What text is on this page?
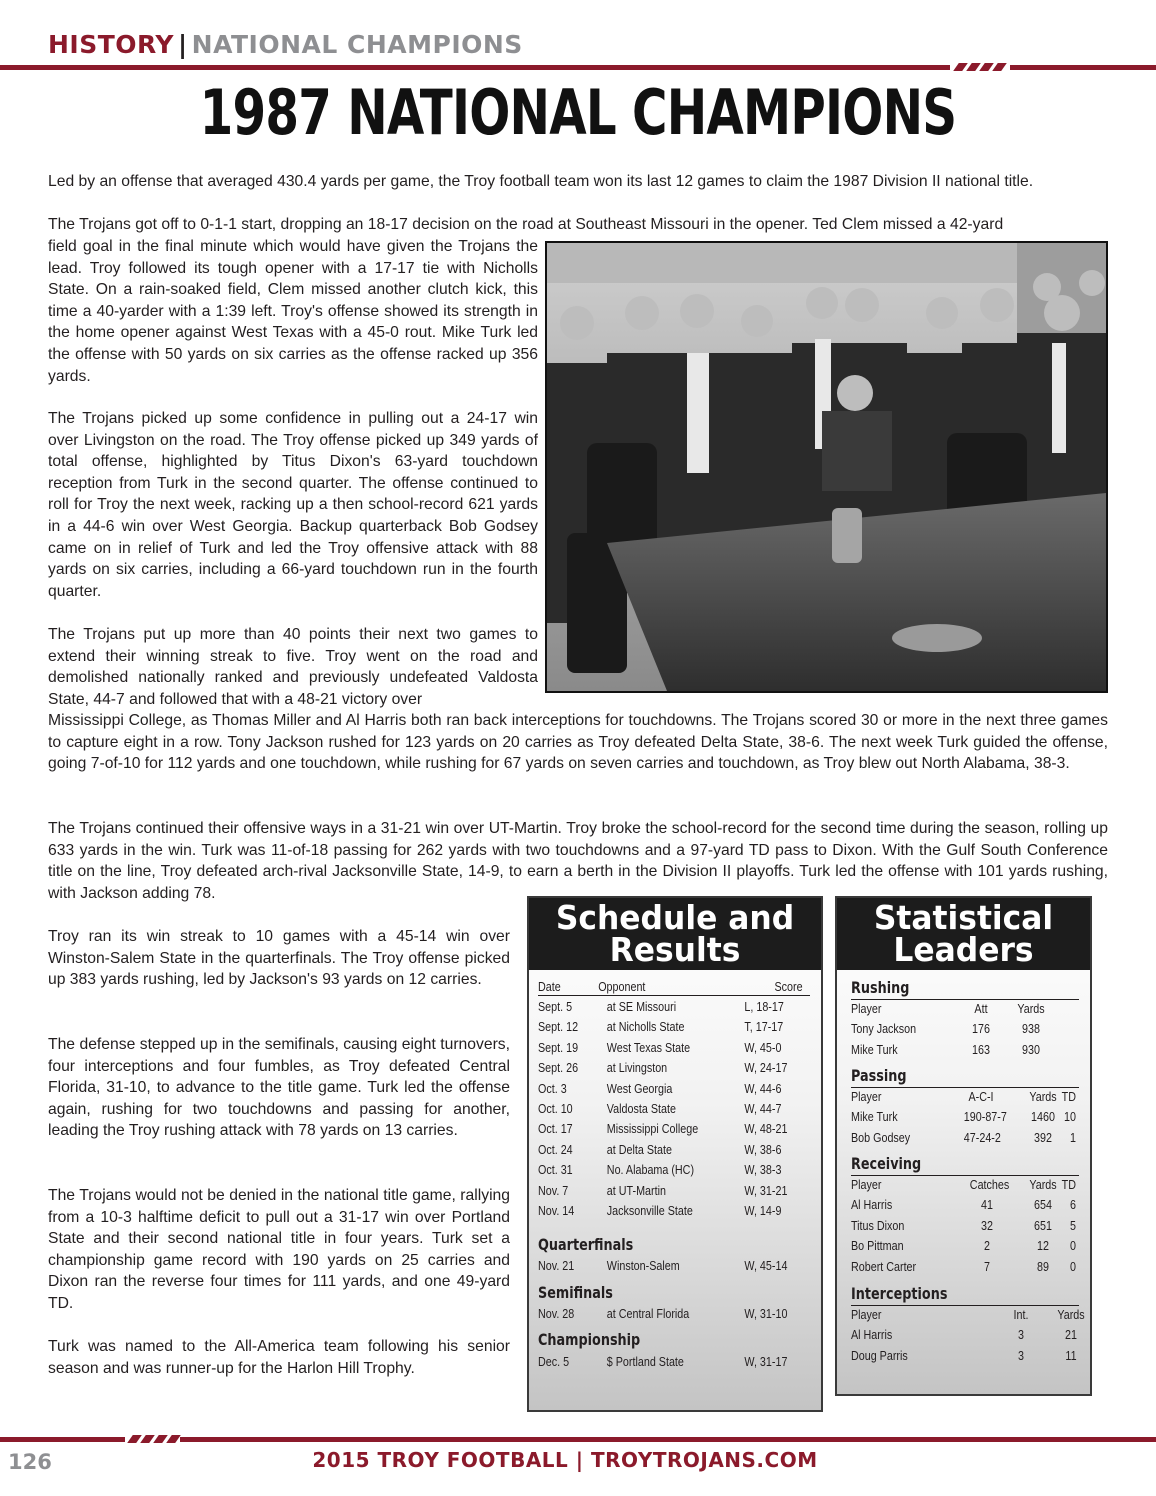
HISTORY | NATIONAL CHAMPIONS
1987 NATIONAL CHAMPIONS

Led by an offense that averaged 430.4 yards per game, the Troy football team won its last 12 games to claim the 1987 Division II national title.

The Trojans got off to 0-1-1 start, dropping an 18-17 decision on the road at Southeast Missouri in the opener. Ted Clem missed a 42-yard

field goal in the final minute which would have given the Trojans the lead. Troy followed its tough opener with a 17-17 tie with Nicholls State. On a rain-soaked field, Clem missed another clutch kick, this time a 40-yarder with a 1:39 left. Troy's offense showed its strength in the home opener against West Texas with a 45-0 rout. Mike Turk led the offense with 50 yards on six carries as the offense racked up 356 yards.

The Trojans picked up some confidence in pulling out a 24-17 win over Livingston on the road. The Troy offense picked up 349 yards of total offense, highlighted by Titus Dixon's 63-yard touchdown reception from Turk in the second quarter. The offense continued to roll for Troy the next week, racking up a then school-record 621 yards in a 44-6 win over West Georgia. Backup quarterback Bob Godsey came on in relief of Turk and led the Troy offensive attack with 88 yards on six carries, including a 66-yard touchdown run in the fourth quarter.

The Trojans put up more than 40 points their next two games to extend their winning streak to five. Troy went on the road and demolished nationally ranked and previously undefeated Valdosta State, 44-7 and followed that with a 48-21 victory over

Mississippi College, as Thomas Miller and Al Harris both ran back interceptions for touchdowns. The Trojans scored 30 or more in the next three games to capture eight in a row. Tony Jackson rushed for 123 yards on 20 carries as Troy defeated Delta State, 38-6. The next week Turk guided the offense, going 7-of-10 for 112 yards and one touchdown, while rushing for 67 yards on seven carries and touchdown, as Troy blew out North Alabama, 38-3.

The Trojans continued their offensive ways in a 31-21 win over UT-Martin. Troy broke the school-record for the second time during the season, rolling up 633 yards in the win. Turk was 11-of-18 passing for 262 yards with two touchdowns and a 97-yard TD pass to Dixon. With the Gulf South Conference title on the line, Troy defeated arch-rival Jacksonville State, 14-9, to earn a berth in the Division II playoffs. Turk led the offense with 101 yards rushing, with Jackson adding 78.

Troy ran its win streak to 10 games with a 45-14 win over Winston-Salem State in the quarterfinals. The Troy offense picked up 383 yards rushing, led by Jackson's 93 yards on 12 carries.

The defense stepped up in the semifinals, causing eight turnovers, four interceptions and four fumbles, as Troy defeated Central Florida, 31-10, to advance to the title game. Turk led the offense again, rushing for two touchdowns and passing for another, leading the Troy rushing attack with 78 yards on 13 carries.

The Trojans would not be denied in the national title game, rallying from a 10-3 halftime deficit to pull out a 31-17 win over Portland State and their second national title in four years. Turk set a championship game record with 190 yards on 25 carries and Dixon ran the reverse four times for 111 yards, and one 49-yard TD.

Turk was named to the All-America team following his senior season and was runner-up for the Harlon Hill Trophy.

Schedule and
Results
Date	Opponent	Score
Sept. 5	at SE Missouri	L, 18-17
Sept. 12 at Nicholls State	T, 17-17
Sept. 19 West Texas State	W, 45-0
Sept. 26 at Livingston	W, 24-17
Oct. 3	West Georgia	W, 44-6
Oct. 10	Valdosta State	W, 44-7
Oct. 17	Mississippi College	W, 48-21
Oct. 24	at Delta State	W, 38-6
Oct. 31	No. Alabama (HC)	W, 38-3
Nov. 7	at UT-Martin	W, 31-21
Nov. 14	Jacksonville State	W, 14-9
Quarterfinals
Nov. 21	Winston-Salem	W, 45-14
Semifinals
Nov. 28	at Central Florida	W, 31-10
Championship
Dec. 5	$ Portland State	W, 31-17
Statistical
Leaders
Rushing
Player	Att	Yards
Tony Jackson	176	938
Mike Turk	163	930
Passing
Player	A-C-I	Yards TD
Mike Turk	190-87-7	1460 10
Bob Godsey	47-24-2	392	1
Receiving
Player	Catches Yards TD
Al Harris	41	654	6
Titus Dixon	32	651	5
Bo Pittman	2	12	0
Robert Carter	7	89	0
Interceptions
Player	Int.	Yards
Al Harris	3	21
Doug Parris	3	11
126	2015 TROY FOOTBALL | TROYTROJANS.COM
